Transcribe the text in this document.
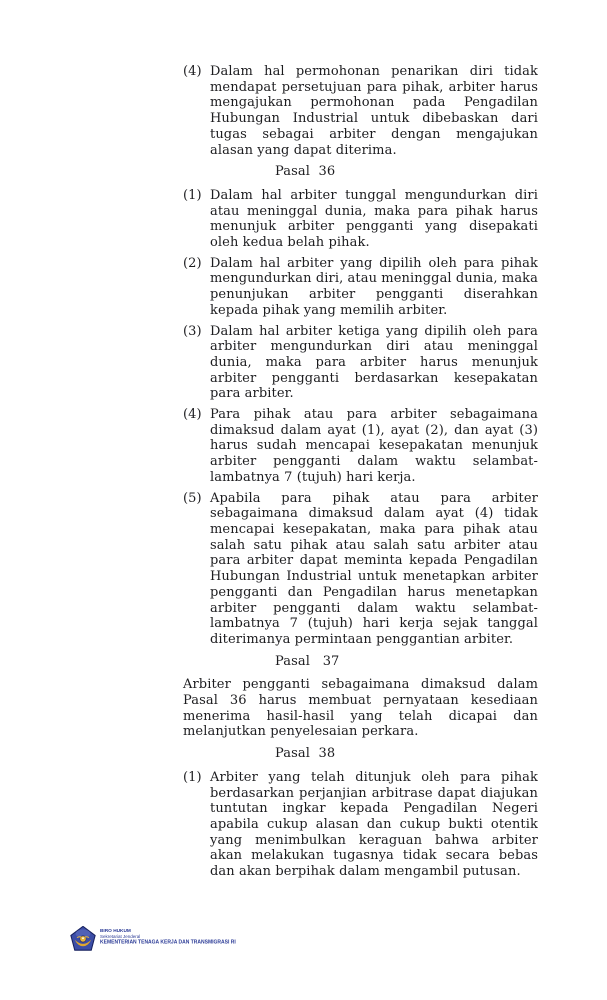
(4) Dalam hal permohonan penarikan diri tidak mendapat persetujuan para pihak, arbiter harus mengajukan permohonan pada Pengadilan Hubungan Industrial untuk dibebaskan dari tugas sebagai arbiter dengan mengajukan alasan yang dapat diterima.
Pasal  36
(1) Dalam hal arbiter tunggal mengundurkan diri atau meninggal dunia, maka para pihak harus menunjuk arbiter pengganti yang disepakati oleh kedua belah pihak.
(2) Dalam hal arbiter yang dipilih oleh para pihak mengundurkan diri, atau meninggal dunia, maka penunjukan arbiter pengganti diserahkan kepada pihak yang memilih arbiter.
(3) Dalam hal arbiter ketiga yang dipilih oleh para arbiter mengundurkan diri atau meninggal dunia, maka para arbiter harus menunjuk arbiter pengganti berdasarkan kesepakatan para arbiter.
(4) Para pihak atau para arbiter sebagaimana dimaksud dalam ayat (1), ayat (2), dan ayat (3) harus sudah mencapai kesepakatan menunjuk arbiter pengganti dalam waktu selambat-lambatnya 7 (tujuh) hari kerja.
(5) Apabila para pihak atau para arbiter sebagaimana dimaksud dalam ayat (4) tidak mencapai kesepakatan, maka para pihak atau salah satu pihak atau salah satu arbiter atau para arbiter dapat meminta kepada Pengadilan Hubungan Industrial untuk menetapkan arbiter pengganti dan Pengadilan harus menetapkan arbiter pengganti dalam waktu selambat-lambatnya 7 (tujuh) hari kerja sejak tanggal diterimanya permintaan penggantian arbiter.
Pasal   37
Arbiter pengganti sebagaimana dimaksud dalam Pasal 36 harus membuat pernyataan kesediaan menerima hasil-hasil yang telah dicapai dan melanjutkan penyelesaian perkara.
Pasal  38
(1) Arbiter yang telah ditunjuk oleh para pihak berdasarkan perjanjian arbitrase dapat diajukan tuntutan ingkar kepada Pengadilan Negeri apabila cukup alasan dan cukup bukti otentik yang menimbulkan keraguan bahwa arbiter akan melakukan tugasnya tidak secara bebas dan akan berpihak dalam mengambil putusan.
BIRO HUKUM
Sekretariat Jenderal
KEMENTERIAN TENAGA KERJA DAN TRANSMIGRASI RI
